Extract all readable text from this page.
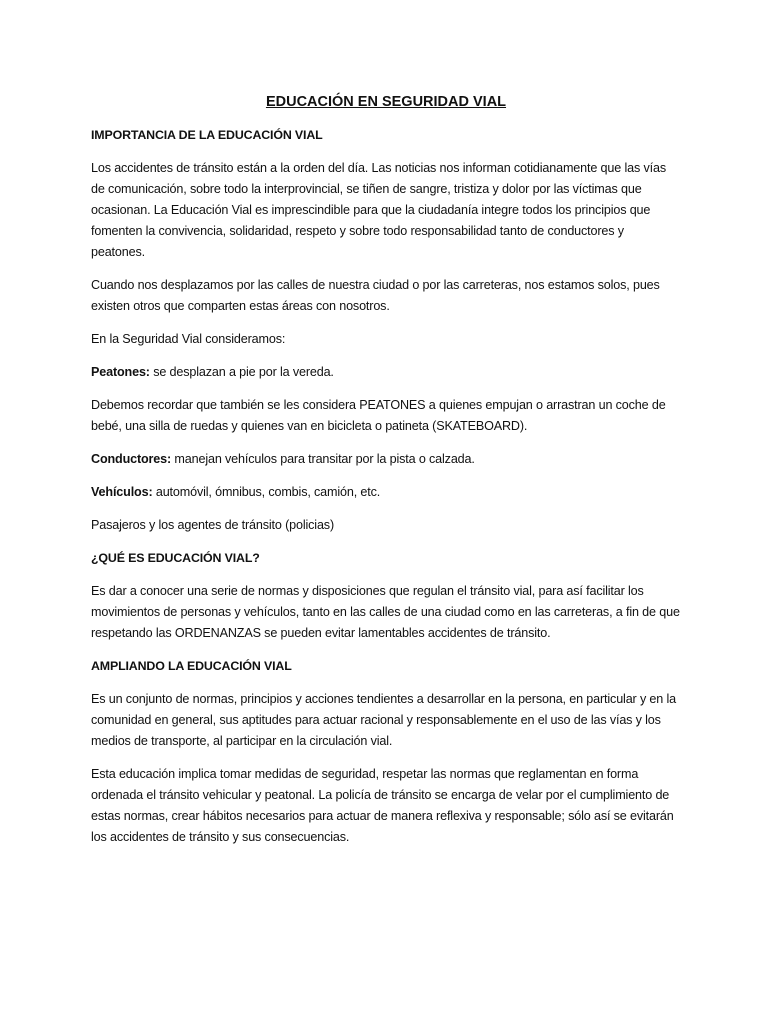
EDUCACIÓN EN SEGURIDAD VIAL
IMPORTANCIA DE LA EDUCACIÓN VIAL

Los accidentes de tránsito están a la orden del día. Las noticias nos informan cotidianamente que las vías de comunicación, sobre todo la interprovincial, se tiñen de sangre, tristiza y dolor por las víctimas que ocasionan. La Educación Vial es imprescindible para que la ciudadanía integre todos los principios que fomenten la convivencia, solidaridad, respeto y sobre todo responsabilidad tanto de conductores y peatones.

Cuando nos desplazamos por las calles de nuestra ciudad o por las carreteras, nos estamos solos, pues existen otros que comparten estas áreas con nosotros.

En la Seguridad Vial consideramos:

Peatones: se desplazan a pie por la vereda.

Debemos recordar que también se les considera PEATONES a quienes empujan o arrastran un coche de bebé, una silla de ruedas y quienes van en bicicleta o patineta (SKATEBOARD).

Conductores: manejan vehículos para transitar por la pista o calzada.

Vehículos: automóvil, ómnibus, combis, camión, etc.

Pasajeros y los agentes de tránsito (policias)

¿QUÉ ES EDUCACIÓN VIAL?

Es dar a conocer una serie de normas y disposiciones que regulan el tránsito vial, para así facilitar los movimientos de personas y vehículos, tanto en las calles de una ciudad como en las carreteras, a fin de que respetando las ORDENANZAS se pueden evitar lamentables accidentes de tránsito.

AMPLIANDO LA EDUCACIÓN VIAL

Es un conjunto de normas, principios y acciones tendientes a desarrollar en la persona, en particular y en la comunidad en general, sus aptitudes para actuar racional y responsablemente en el uso de las vías y los medios de transporte, al participar en la circulación vial.

Esta educación implica tomar medidas de seguridad, respetar las normas que reglamentan en forma ordenada el tránsito vehicular y peatonal. La policía de tránsito se encarga de velar por el cumplimiento de estas normas, crear hábitos necesarios para actuar de manera reflexiva y responsable; sólo así se evitarán los accidentes de tránsito y sus consecuencias.
